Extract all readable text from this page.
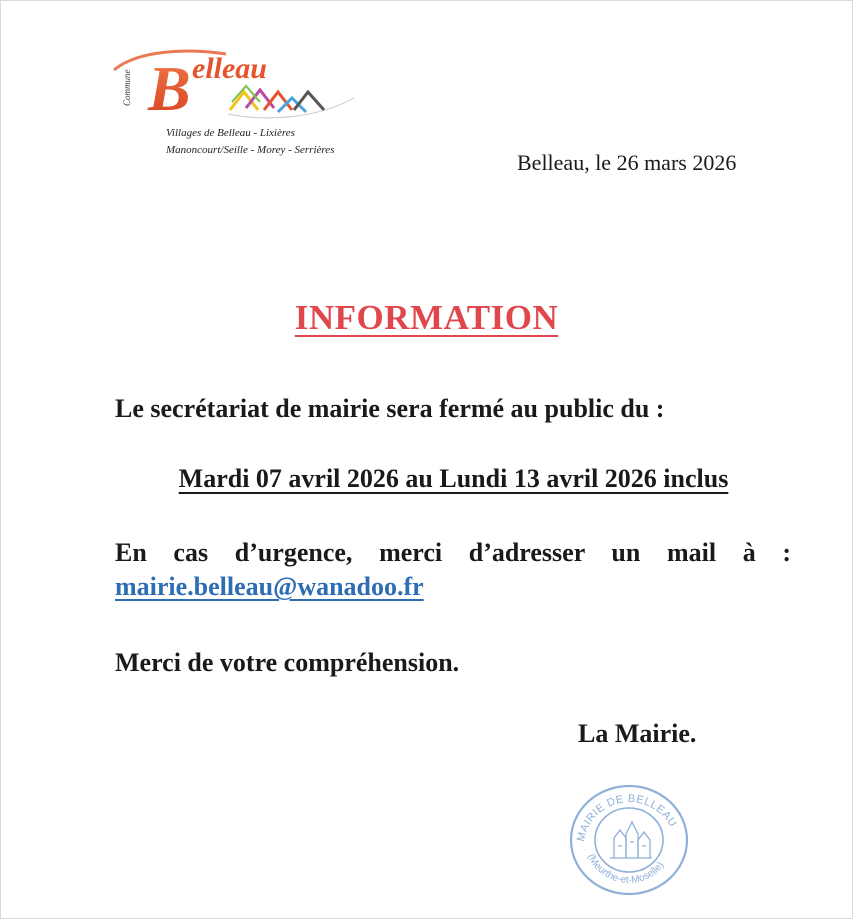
B
Commune
elleau
Villages de Belleau - Lixières
Manoncourt/Seille - Morey - Serrières	Belleau, le 26 mars 2026
INFORMATION
Le secrétariat de mairie sera fermé au public du :
Mardi 07 avril 2026 au Lundi 13 avril 2026 inclus
En cas d’urgence, merci d’adresser un mail à :
mairie.belleau@wanadoo.fr
Merci de votre compréhension.
La Mairie.
MAIRIE DE BELLEAU
(Meurthe-et-Moselle)
